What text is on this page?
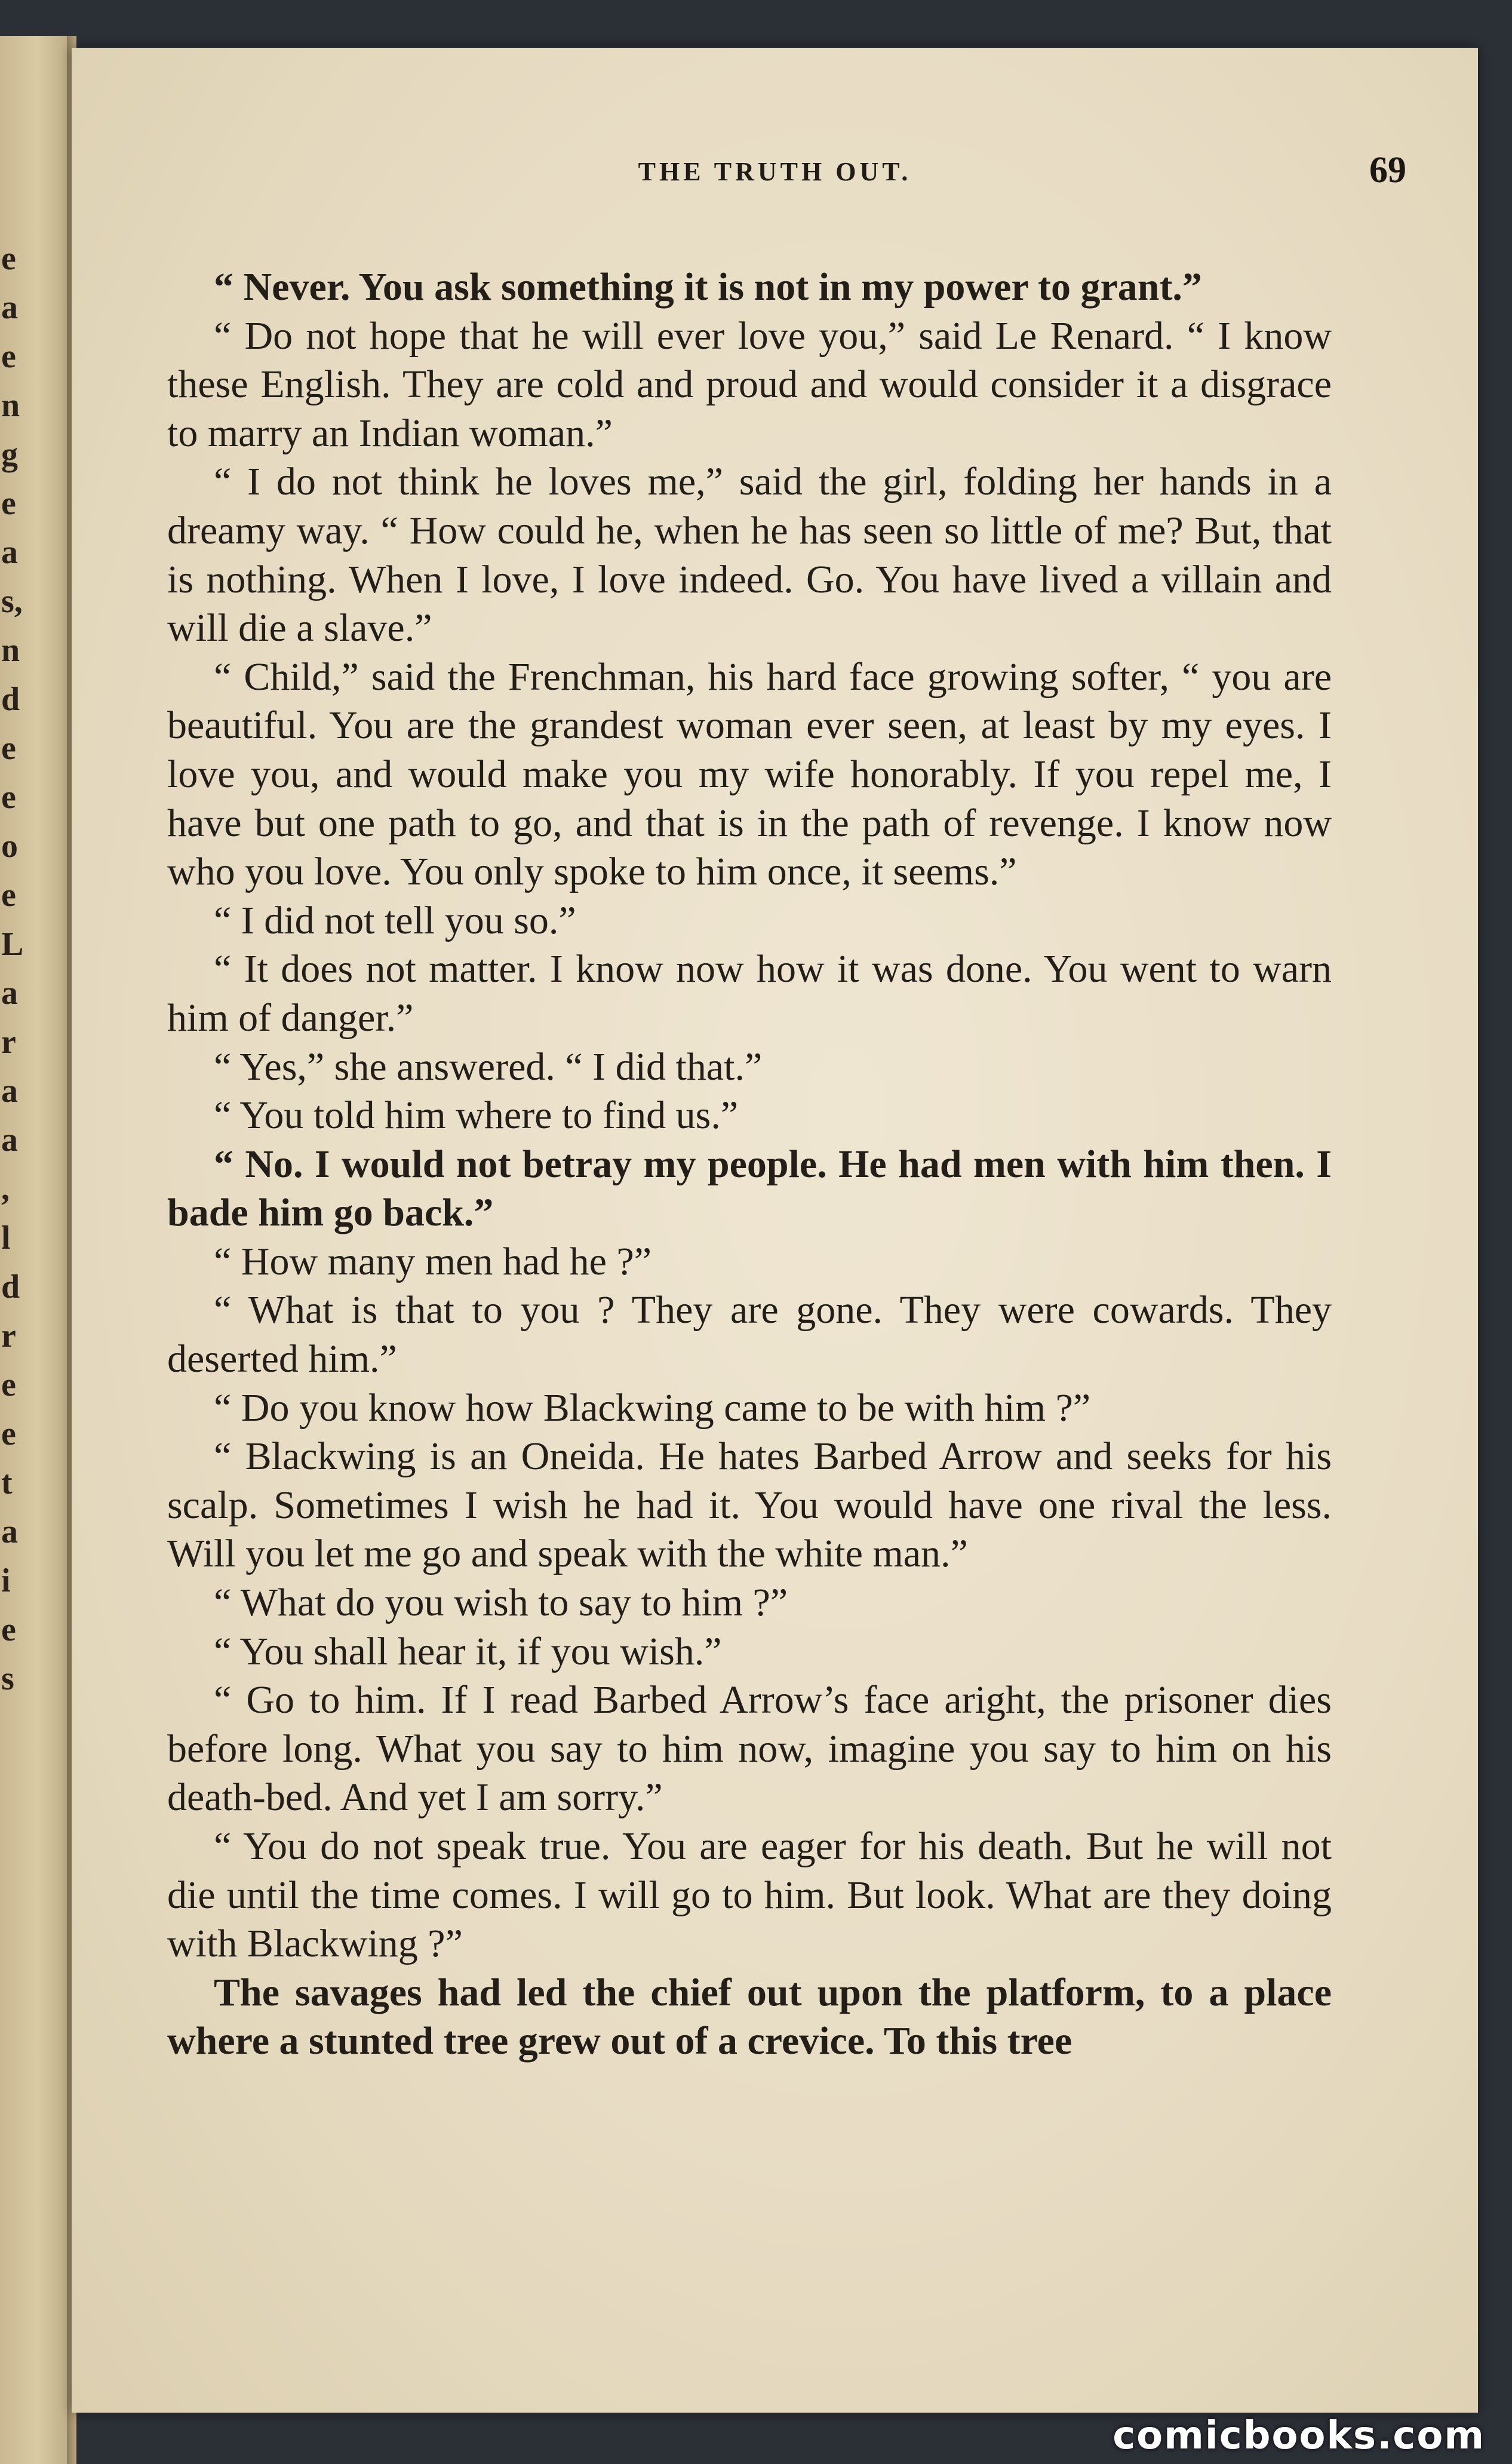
e
a
e
n
g
e
a
s,
n
d
e
e
o
e
L
a
r
a
a
,
l
d
r
e
e
t
a
i
e
s
THE TRUTH OUT.	69

“ Never. You ask something it is not in my power to grant.”

“ Do not hope that he will ever love you,” said Le Renard. “ I know these English. They are cold and proud and would consider it a disgrace to marry an Indian woman.”

“ I do not think he loves me,” said the girl, folding her hands in a dreamy way. “ How could he, when he has seen so little of me? But, that is nothing. When I love, I love indeed. Go. You have lived a villain and will die a slave.”

“ Child,” said the Frenchman, his hard face growing softer, “ you are beautiful. You are the grandest woman ever seen, at least by my eyes. I love you, and would make you my wife honorably. If you repel me, I have but one path to go, and that is in the path of revenge. I know now who you love. You only spoke to him once, it seems.”

“ I did not tell you so.”

“ It does not matter. I know now how it was done. You went to warn him of danger.”

“ Yes,” she answered. “ I did that.”

“ You told him where to find us.”

“ No. I would not betray my people. He had men with him then. I bade him go back.”

“ How many men had he ?”

“ What is that to you ? They are gone. They were cowards. They deserted him.”

“ Do you know how Blackwing came to be with him ?”

“ Blackwing is an Oneida. He hates Barbed Arrow and seeks for his scalp. Sometimes I wish he had it. You would have one rival the less. Will you let me go and speak with the white man.”

“ What do you wish to say to him ?”

“ You shall hear it, if you wish.”

“ Go to him. If I read Barbed Arrow’s face aright, the prisoner dies before long. What you say to him now, imagine you say to him on his death-bed. And yet I am sorry.”

“ You do not speak true. You are eager for his death. But he will not die until the time comes. I will go to him. But look. What are they doing with Blackwing ?”

The savages had led the chief out upon the platform, to a place where a stunted tree grew out of a crevice. To this tree

comicbooks.com
